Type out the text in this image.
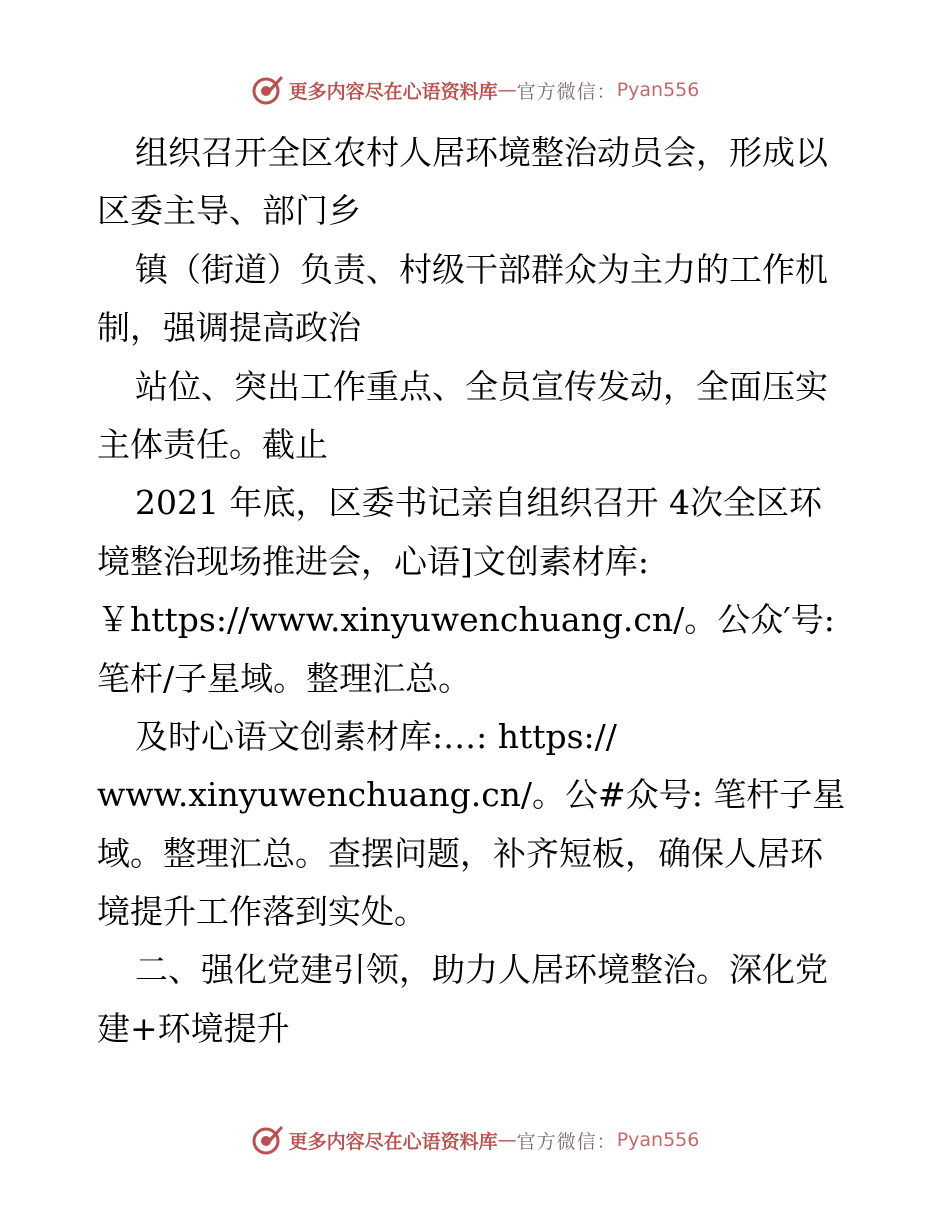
更多内容尽在心语资料库 — 官方微信： Pyan556
组织召开全区农村人居环境整治动员会，形成以
区委主导、部门乡
镇（街道）负责、村级干部群众为主力的工作机
制，强调提高政治
站位、突出工作重点、全员宣传发动，全面压实
主体责任。截止
2021 年底，区委书记亲自组织召开 4次全区环
境整治现场推进会，心语]文创素材库:
￥https://www.xinyuwenchuang.cn/。公众′号:
笔杆/子星域。整理汇总。
及时心语文创素材库:…: https://
www.xinyuwenchuang.cn/。公#众号: 笔杆子星
域。整理汇总。查摆问题，补齐短板，确保人居环
境提升工作落到实处。
二、强化党建引领，助力人居环境整治。深化党
建+环境提升
更多内容尽在心语资料库 — 官方微信： Pyan556
